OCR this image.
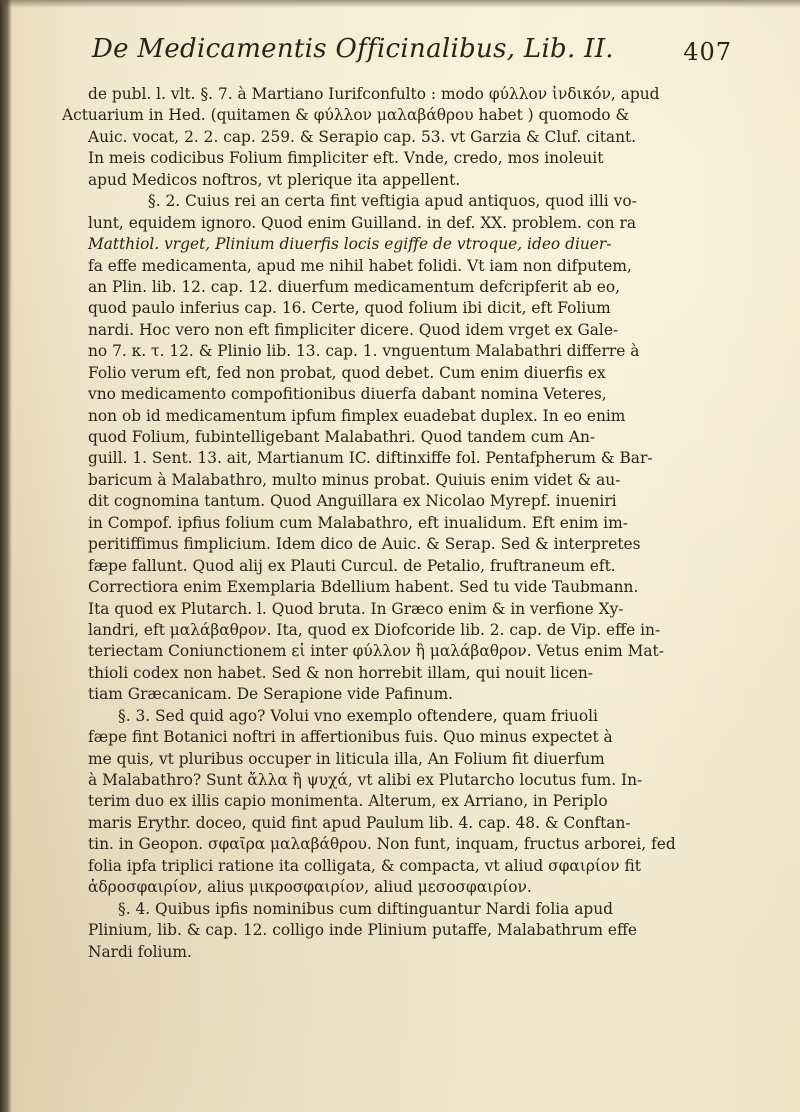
De Medicamentis Officinalibus, Lib. II.	407
de publ. l. vlt. §. 7. à Martiano Iurifconfulto : modo φύλλον ἰνδικόν, apud
Actuarium in Hed. (quitamen & φύλλον μαλαβάθρου habet ) quomodo &
Auic. vocat, 2. 2. cap. 259. & Serapio cap. 53. vt Garzia & Cluf. citant.
In meis codicibus Folium fimpliciter eft. Vnde, credo, mos inoleuit
apud Medicos noftros, vt plerique ita appellent.
§. 2. Cuius rei an certa fint veftigia apud antiquos, quod illi vo-
lunt, equidem ignoro. Quod enim Guilland. in def. XX. problem. con ra
Matthiol. vrget, Plinium diuerfis locis egiffe de vtroque, ideo diuer-
fa effe medicamenta, apud me nihil habet folidi. Vt iam non difputem,
an Plin. lib. 12. cap. 12. diuerfum medicamentum defcripferit ab eo,
quod paulo inferius cap. 16. Certe, quod folium ibi dicit, eft Folium
nardi. Hoc vero non eft fimpliciter dicere. Quod idem vrget ex Gale-
no 7. κ. τ. 12. & Plinio lib. 13. cap. 1. vnguentum Malabathri differre à
Folio verum eft, fed non probat, quod debet. Cum enim diuerfis ex
vno medicamento compofitionibus diuerfa dabant nomina Veteres,
non ob id medicamentum ipfum fimplex euadebat duplex. In eo enim
quod Folium, fubintelligebant Malabathri. Quod tandem cum An-
guill. 1. Sent. 13. ait, Martianum IC. diftinxiffe fol. Pentafpherum & Bar-
baricum à Malabathro, multo minus probat. Quiuis enim videt & au-
dit cognomina tantum. Quod Anguillara ex Nicolao Myrepf. inueniri
in Compof. ipfius folium cum Malabathro, eft inualidum. Eft enim im-
peritiffimus fimplicium. Idem dico de Auic. & Serap. Sed & interpretes
fæpe fallunt. Quod alij ex Plauti Curcul. de Petalio, fruftraneum eft.
Correctiora enim Exemplaria Bdellium habent. Sed tu vide Taubmann.
Ita quod ex Plutarch. l. Quod bruta. In Græco enim & in verfione Xy-
landri, eft μαλάβαθρον. Ita, quod ex Diofcoride lib. 2. cap. de Vip. effe in-
teriectam Coniunctionem εἰ inter φύλλον ἢ μαλάβαθρον. Vetus enim Mat-
thioli codex non habet. Sed & non horrebit illam, qui nouit licen-
tiam Græcanicam. De Serapione vide Pafinum.
§. 3. Sed quid ago? Volui vno exemplo oftendere, quam friuoli
fæpe fint Botanici noftri in affertionibus fuis. Quo minus expectet à
me quis, vt pluribus occuper in liticula illa, An Folium fit diuerfum
à Malabathro? Sunt ἄλλα ἢ ψυχά, vt alibi ex Plutarcho locutus fum. In-
terim duo ex illis capio monimenta. Alterum, ex Arriano, in Periplo
maris Erythr. doceo, quid fint apud Paulum lib. 4. cap. 48. & Conftan-
tin. in Geopon. σφαῖρα μαλαβάθρου. Non funt, inquam, fructus arborei, fed
folia ipfa triplici ratione ita colligata, & compacta, vt aliud σφαιρίον fit
ἁδροσφαιρίον, alius μικροσφαιρίον, aliud μεσοσφαιρίον.
§. 4. Quibus ipfis nominibus cum diftinguantur Nardi folia apud
Plinium, lib. & cap. 12. colligo inde Plinium putaffe, Malabathrum effe
Nardi folium.
